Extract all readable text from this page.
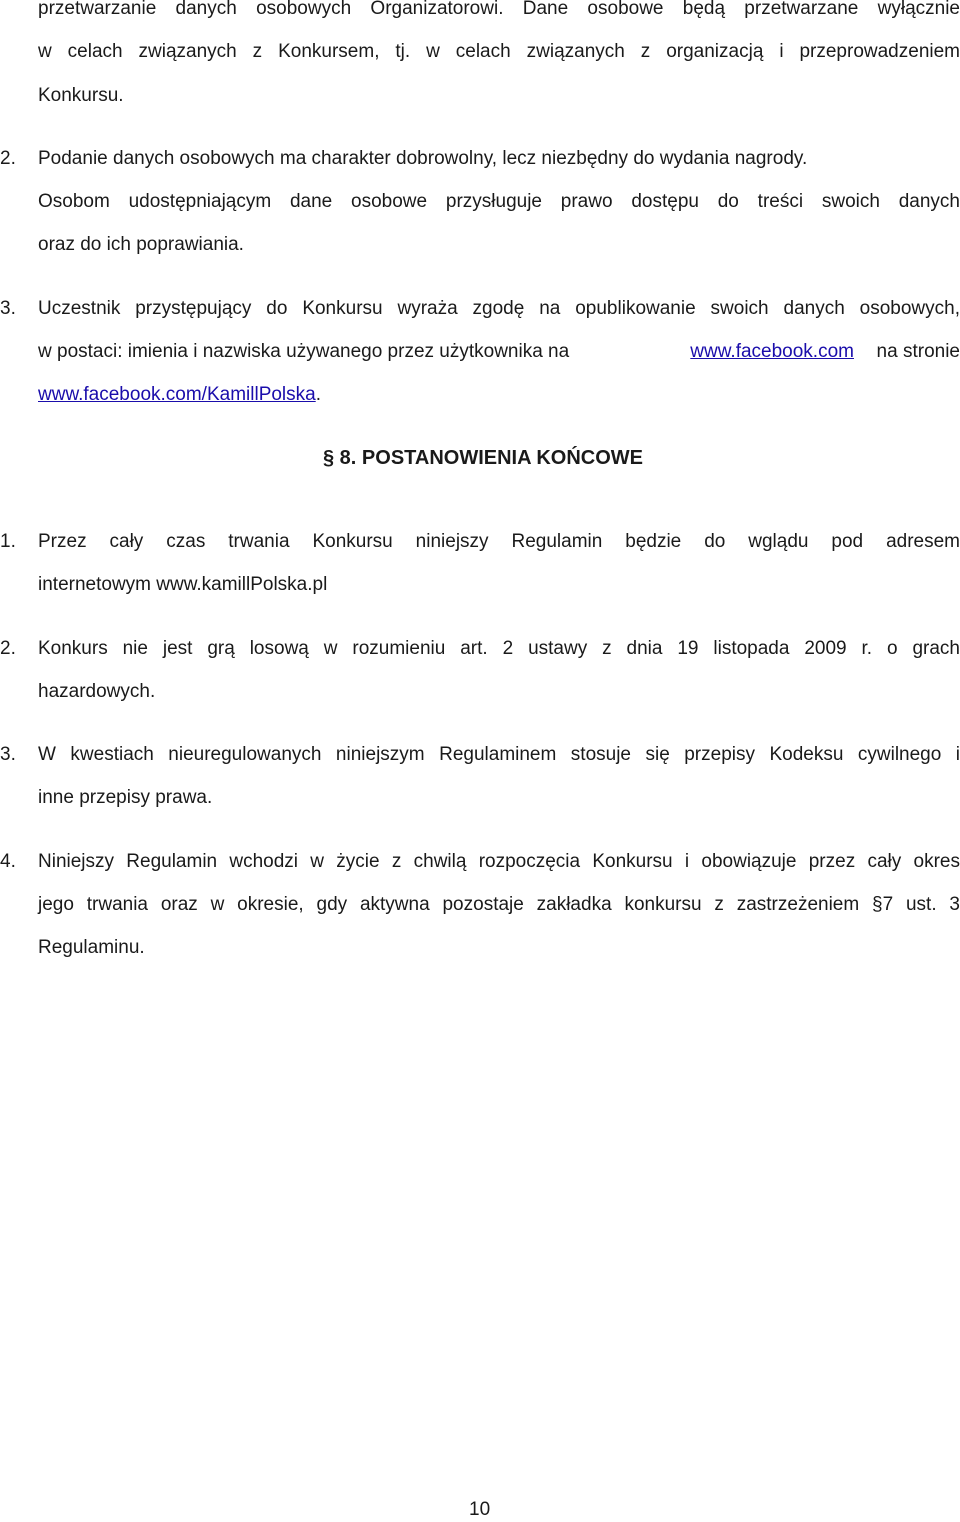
przetwarzanie danych osobowych Organizatorowi. Dane osobowe będą przetwarzane wyłącznie
w celach związanych z Konkursem, tj. w celach związanych z organizacją i przeprowadzeniem
Konkursu.
2. Podanie danych osobowych ma charakter dobrowolny, lecz niezbędny do wydania nagrody.
Osobom udostępniającym dane osobowe przysługuje prawo dostępu do treści swoich danych
oraz do ich poprawiania.
3. Uczestnik przystępujący do Konkursu wyraża zgodę na opublikowanie swoich danych osobowych,
w postaci: imienia i nazwiska używanego przez użytkownika na	www.facebook.com na stronie
www.facebook.com/KamillPolska.
§ 8. POSTANOWIENIA KOŃCOWE
1. Przez cały czas trwania Konkursu niniejszy Regulamin będzie do wglądu pod adresem
internetowym www.kamillPolska.pl
2. Konkurs nie jest grą losową w rozumieniu art. 2 ustawy z dnia 19 listopada 2009 r. o grach
hazardowych.
3. W kwestiach nieuregulowanych niniejszym Regulaminem stosuje się przepisy Kodeksu cywilnego i
inne przepisy prawa.
4. Niniejszy Regulamin wchodzi w życie z chwilą rozpoczęcia Konkursu i obowiązuje przez cały okres
jego trwania oraz w okresie, gdy aktywna pozostaje zakładka konkursu z zastrzeżeniem §7 ust. 3
Regulaminu.
10
